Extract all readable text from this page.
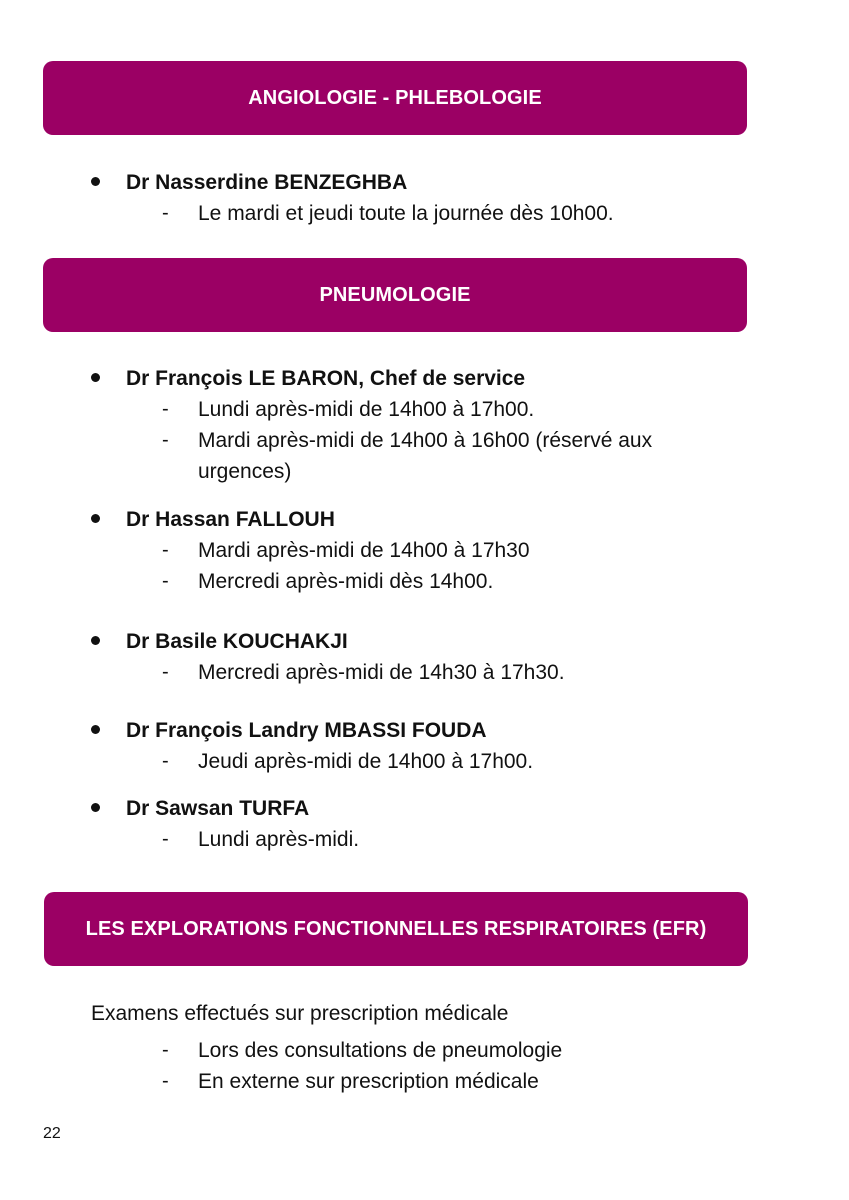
ANGIOLOGIE - PHLEBOLOGIE
Dr Nasserdine BENZEGHBA
- Le mardi et jeudi toute la journée dès 10h00.
PNEUMOLOGIE
Dr François LE BARON, Chef de service
- Lundi après-midi de 14h00 à 17h00.
- Mardi après-midi de 14h00 à 16h00 (réservé aux urgences)
Dr Hassan FALLOUH
- Mardi après-midi de 14h00 à 17h30
- Mercredi après-midi dès 14h00.
Dr Basile KOUCHAKJI
- Mercredi après-midi de 14h30 à 17h30.
Dr François Landry MBASSI FOUDA
- Jeudi après-midi de 14h00 à 17h00.
Dr Sawsan TURFA
- Lundi après-midi.
LES EXPLORATIONS FONCTIONNELLES RESPIRATOIRES (EFR)
Examens effectués sur prescription médicale
- Lors des consultations de pneumologie
- En externe sur prescription médicale
22
